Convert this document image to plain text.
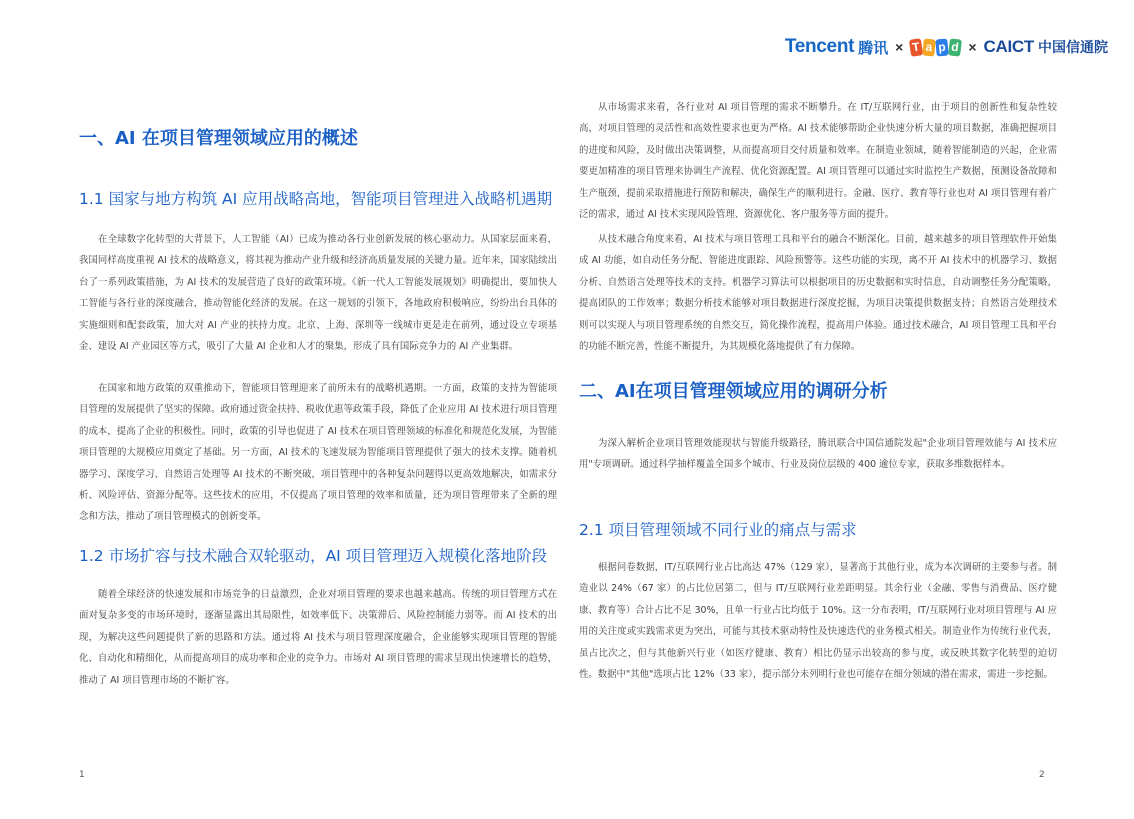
Tencent 腾讯 × T a p d × CAICT 中国信通院
一、AI 在项目管理领域应用的概述
1.1 国家与地方构筑 AI 应用战略高地，智能项目管理进入战略机遇期

在全球数字化转型的大背景下，人工智能（AI）已成为推动各行业创新发展的核心驱动力。从国家层面来看，我国同样高度重视 AI 技术的战略意义，将其视为推动产业升级和经济高质量发展的关键力量。近年来，国家陆续出台了一系列政策措施，为 AI 技术的发展营造了良好的政策环境。《新一代人工智能发展规划》明确提出，要加快人工智能与各行业的深度融合，推动智能化经济的发展。在这一规划的引领下，各地政府积极响应，纷纷出台具体的实施细则和配套政策，加大对 AI 产业的扶持力度。北京、上海、深圳等一线城市更是走在前列，通过设立专项基金、建设 AI 产业园区等方式，吸引了大量 AI 企业和人才的聚集，形成了具有国际竞争力的 AI 产业集群。

在国家和地方政策的双重推动下，智能项目管理迎来了前所未有的战略机遇期。一方面，政策的支持为智能项目管理的发展提供了坚实的保障。政府通过资金扶持、税收优惠等政策手段，降低了企业应用 AI 技术进行项目管理的成本，提高了企业的积极性。同时，政策的引导也促进了 AI 技术在项目管理领域的标准化和规范化发展，为智能项目管理的大规模应用奠定了基础。另一方面，AI 技术的飞速发展为智能项目管理提供了强大的技术支撑。随着机器学习、深度学习、自然语言处理等 AI 技术的不断突破，项目管理中的各种复杂问题得以更高效地解决，如需求分析、风险评估、资源分配等。这些技术的应用，不仅提高了项目管理的效率和质量，还为项目管理带来了全新的理念和方法，推动了项目管理模式的创新变革。

1.2 市场扩容与技术融合双轮驱动，AI 项目管理迈入规模化落地阶段

随着全球经济的快速发展和市场竞争的日益激烈，企业对项目管理的要求也越来越高。传统的项目管理方式在面对复杂多变的市场环境时，逐渐显露出其局限性，如效率低下、决策滞后、风险控制能力弱等。而 AI 技术的出现，为解决这些问题提供了新的思路和方法。通过将 AI 技术与项目管理深度融合，企业能够实现项目管理的智能化、自动化和精细化，从而提高项目的成功率和企业的竞争力。市场对 AI 项目管理的需求呈现出快速增长的趋势，推动了 AI 项目管理市场的不断扩容。

1

从市场需求来看，各行业对 AI 项目管理的需求不断攀升。在 IT/互联网行业，由于项目的创新性和复杂性较高，对项目管理的灵活性和高效性要求也更为严格。AI 技术能够帮助企业快速分析大量的项目数据，准确把握项目的进度和风险，及时做出决策调整，从而提高项目交付质量和效率。在制造业领域，随着智能制造的兴起，企业需要更加精准的项目管理来协调生产流程、优化资源配置。AI 项目管理可以通过实时监控生产数据，预测设备故障和生产瓶颈，提前采取措施进行预防和解决，确保生产的顺利进行。金融、医疗、教育等行业也对 AI 项目管理有着广泛的需求，通过 AI 技术实现风险管理、资源优化、客户服务等方面的提升。

从技术融合角度来看，AI 技术与项目管理工具和平台的融合不断深化。目前，越来越多的项目管理软件开始集成 AI 功能，如自动任务分配、智能进度跟踪、风险预警等。这些功能的实现，离不开 AI 技术中的机器学习、数据分析、自然语言处理等技术的支持。机器学习算法可以根据项目的历史数据和实时信息，自动调整任务分配策略，提高团队的工作效率；数据分析技术能够对项目数据进行深度挖掘，为项目决策提供数据支持；自然语言处理技术则可以实现人与项目管理系统的自然交互，简化操作流程，提高用户体验。通过技术融合，AI 项目管理工具和平台的功能不断完善，性能不断提升，为其规模化落地提供了有力保障。

二、AI在项目管理领域应用的调研分析

为深入解析企业项目管理效能现状与智能升级路径，腾讯联合中国信通院发起"企业项目管理效能与 AI 技术应用"专项调研。通过科学抽样覆盖全国多个城市、行业及岗位层级的 400 逾位专家，获取多维数据样本。

2.1 项目管理领域不同行业的痛点与需求

根据问卷数据，IT/互联网行业占比高达 47%（129 家），显著高于其他行业，成为本次调研的主要参与者。制造业以 24%（67 家）的占比位居第二，但与 IT/互联网行业差距明显。其余行业（金融、零售与消费品、医疗健康、教育等）合计占比不足 30%，且单一行业占比均低于 10%。这一分布表明，IT/互联网行业对项目管理与 AI 应用的关注度或实践需求更为突出，可能与其技术驱动特性及快速迭代的业务模式相关。制造业作为传统行业代表，虽占比次之，但与其他新兴行业（如医疗健康、教育）相比仍显示出较高的参与度，或反映其数字化转型的迫切性。数据中"其他"选项占比 12%（33 家），提示部分未列明行业也可能存在细分领域的潜在需求，需进一步挖掘。

2
